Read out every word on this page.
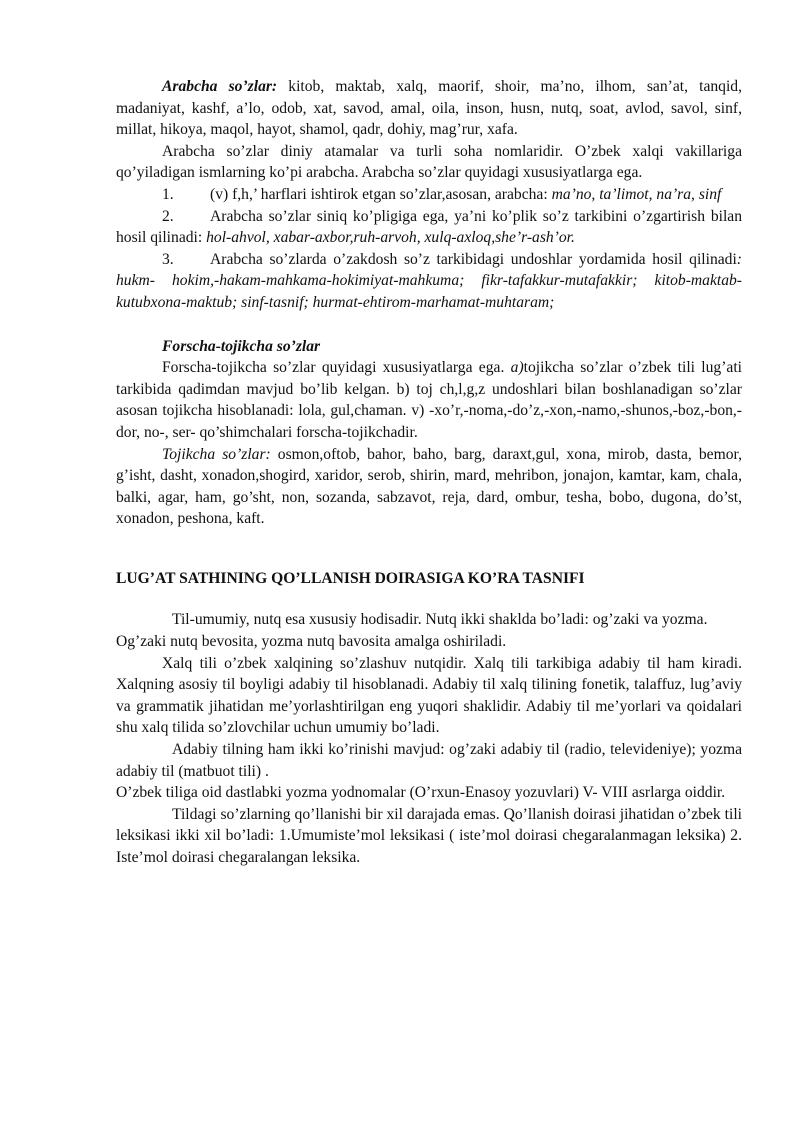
Arabcha so’zlar: kitob, maktab, xalq, maorif, shoir, ma’no, ilhom, san’at, tanqid, madaniyat, kashf, a’lo, odob, xat, savod, amal, oila, inson, husn, nutq, soat, avlod, savol, sinf, millat, hikoya, maqol, hayot, shamol, qadr, dohiy, mag’rur, xafa.

Arabcha so’zlar diniy atamalar va turli soha nomlaridir. O’zbek xalqi vakillariga qo’yiladigan ismlarning ko’pi arabcha. Arabcha so’zlar quyidagi xususiyatlarga ega.

1. (v) f,h,’ harflari ishtirok etgan so’zlar,asosan, arabcha: ma’no, ta’limot, na’ra, sinf

2. Arabcha so’zlar siniq ko’pligiga ega, ya’ni ko’plik so’z tarkibini o’zgartirish bilan hosil qilinadi: hol-ahvol, xabar-axbor,ruh-arvoh, xulq-axloq,she’r-ash’or.

3. Arabcha so’zlarda o’zakdosh so’z tarkibidagi undoshlar yordamida hosil qilinadi: hukm- hokim,-hakam-mahkama-hokimiyat-mahkuma; fikr-tafakkur-mutafakkir; kitob-maktab-kutubxona-maktub; sinf-tasnif; hurmat-ehtirom-marhamat-muhtaram;

Forscha-tojikcha so’zlar

Forscha-tojikcha so’zlar quyidagi xususiyatlarga ega. a)tojikcha so’zlar o’zbek tili lug’ati tarkibida qadimdan mavjud bo’lib kelgan. b) toj ch,l,g,z undoshlari bilan boshlanadigan so’zlar asosan tojikcha hisoblanadi: lola, gul,chaman. v) -xo’r,-noma,-do’z,-xon,-namo,-shunos,-boz,-bon,-dor, no-, ser- qo’shimchalari forscha-tojikchadir.

Tojikcha so’zlar: osmon,oftob, bahor, baho, barg, daraxt,gul, xona, mirob, dasta, bemor, g’isht, dasht, xonadon,shogird, xaridor, serob, shirin, mard, mehribon, jonajon, kamtar, kam, chala, balki, agar, ham, go’sht, non, sozanda, sabzavot, reja, dard, ombur, tesha, bobo, dugona, do’st, xonadon, peshona, kaft.

LUG’AT SATHINING QO’LLANISH DOIRASIGA KO’RA TASNIFI

Til-umumiy, nutq esa xususiy hodisadir. Nutq ikki shaklda bo’ladi: og’zaki va yozma. Og’zaki nutq bevosita, yozma nutq bavosita amalga oshiriladi.

Xalq tili o’zbek xalqining so’zlashuv nutqidir. Xalq tili tarkibiga adabiy til ham kiradi. Xalqning asosiy til boyligi adabiy til hisoblanadi. Adabiy til xalq tilining fonetik, talaffuz, lug’aviy va grammatik jihatidan me’yorlashtirilgan eng yuqori shaklidir. Adabiy til me’yorlari va qoidalari shu xalq tilida so’zlovchilar uchun umumiy bo’ladi.

Adabiy tilning ham ikki ko’rinishi mavjud: og’zaki adabiy til (radio, televideniye); yozma adabiy til (matbuot tili) .

O’zbek tiliga oid dastlabki yozma yodnomalar (O’rxun-Enasoy yozuvlari) V- VIII asrlarga oiddir.

Tildagi so’zlarning qo’llanishi bir xil darajada emas. Qo’llanish doirasi jihatidan o’zbek tili leksikasi ikki xil bo’ladi: 1.Umumiste’mol leksikasi ( iste’mol doirasi chegaralanmagan leksika) 2. Iste’mol doirasi chegaralangan leksika.
